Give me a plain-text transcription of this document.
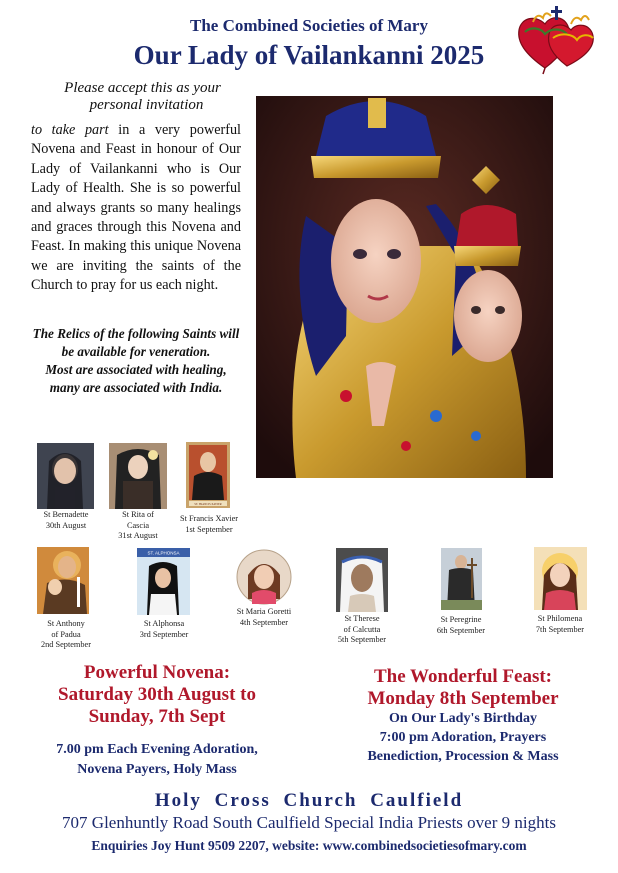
The Combined Societies of Mary
Our Lady of Vailankanni 2025
Please accept this as your

personal invitation
to take part in a very powerful Novena and Feast in honour of Our Lady of Vailankanni who is Our Lady of Health. She is so powerful and always grants so many healings and graces through this Novena and Feast. In making this unique Novena we are inviting the saints of the Church to pray for us each night.
The Relics of the following Saints will be available for veneration.
Most are associated with healing, many are associated with India.
St Bernadette
30th August
St Rita of
Cascia
31st August
ST. FRANCIS XAVIER
St Francis Xavier
1st September
St Anthony
of Padua
2nd September
ST. ALPHONSA
St Alphonsa
3rd September
St Maria Goretti
4th September	St Therese
of Calcutta
5th September
St Peregrine
6th September
St Philomena
7th September
Powerful Novena:
Saturday 30th August to
Sunday, 7th Sept
7.00 pm Each Evening Adoration,
Novena Payers, Holy Mass
The Wonderful Feast:
Monday 8th September
On Our Lady's Birthday
7:00 pm Adoration, Prayers
Benediction, Procession & Mass
Holy Cross Church Caulfield
707 Glenhuntly Road South Caulfield Special India Priests over 9 nights
Enquiries Joy Hunt 9509 2207, website: www.combinedsocietiesofmary.com
